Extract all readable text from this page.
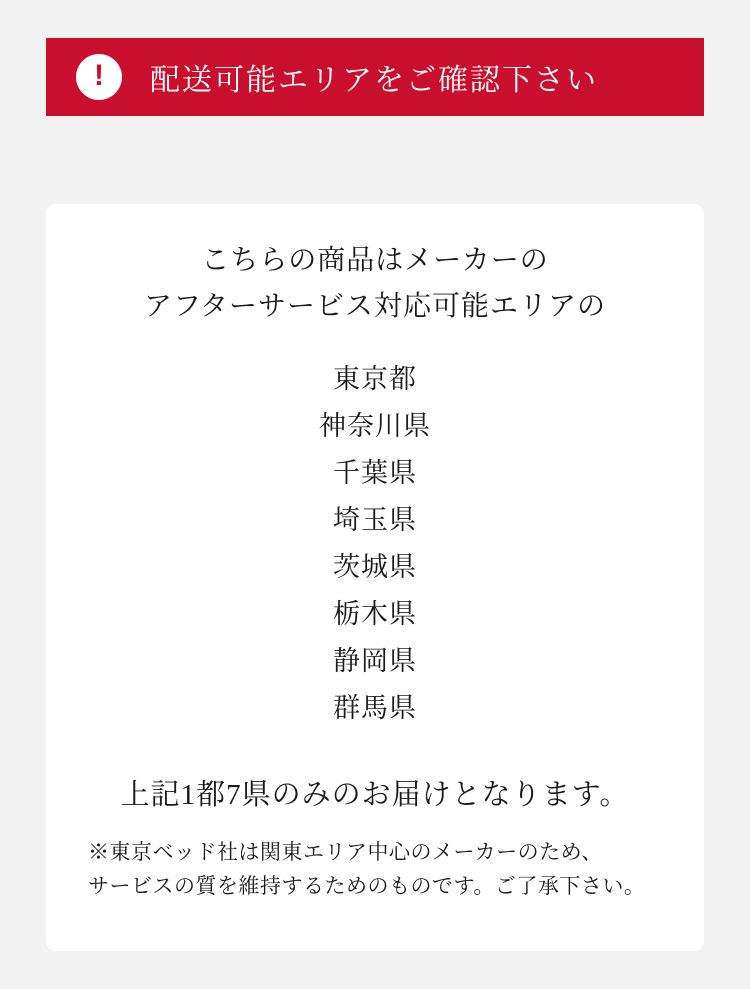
! 配送可能エリアをご確認下さい

こちらの商品はメーカーの
アフターサービス対応可能エリアの

東京都
神奈川県
千葉県
埼玉県
茨城県
栃木県
静岡県
群馬県

上記1都7県のみのお届けとなります。

※東京ベッド社は関東エリア中心のメーカーのため、
サービスの質を維持するためのものです。ご了承下さい。
